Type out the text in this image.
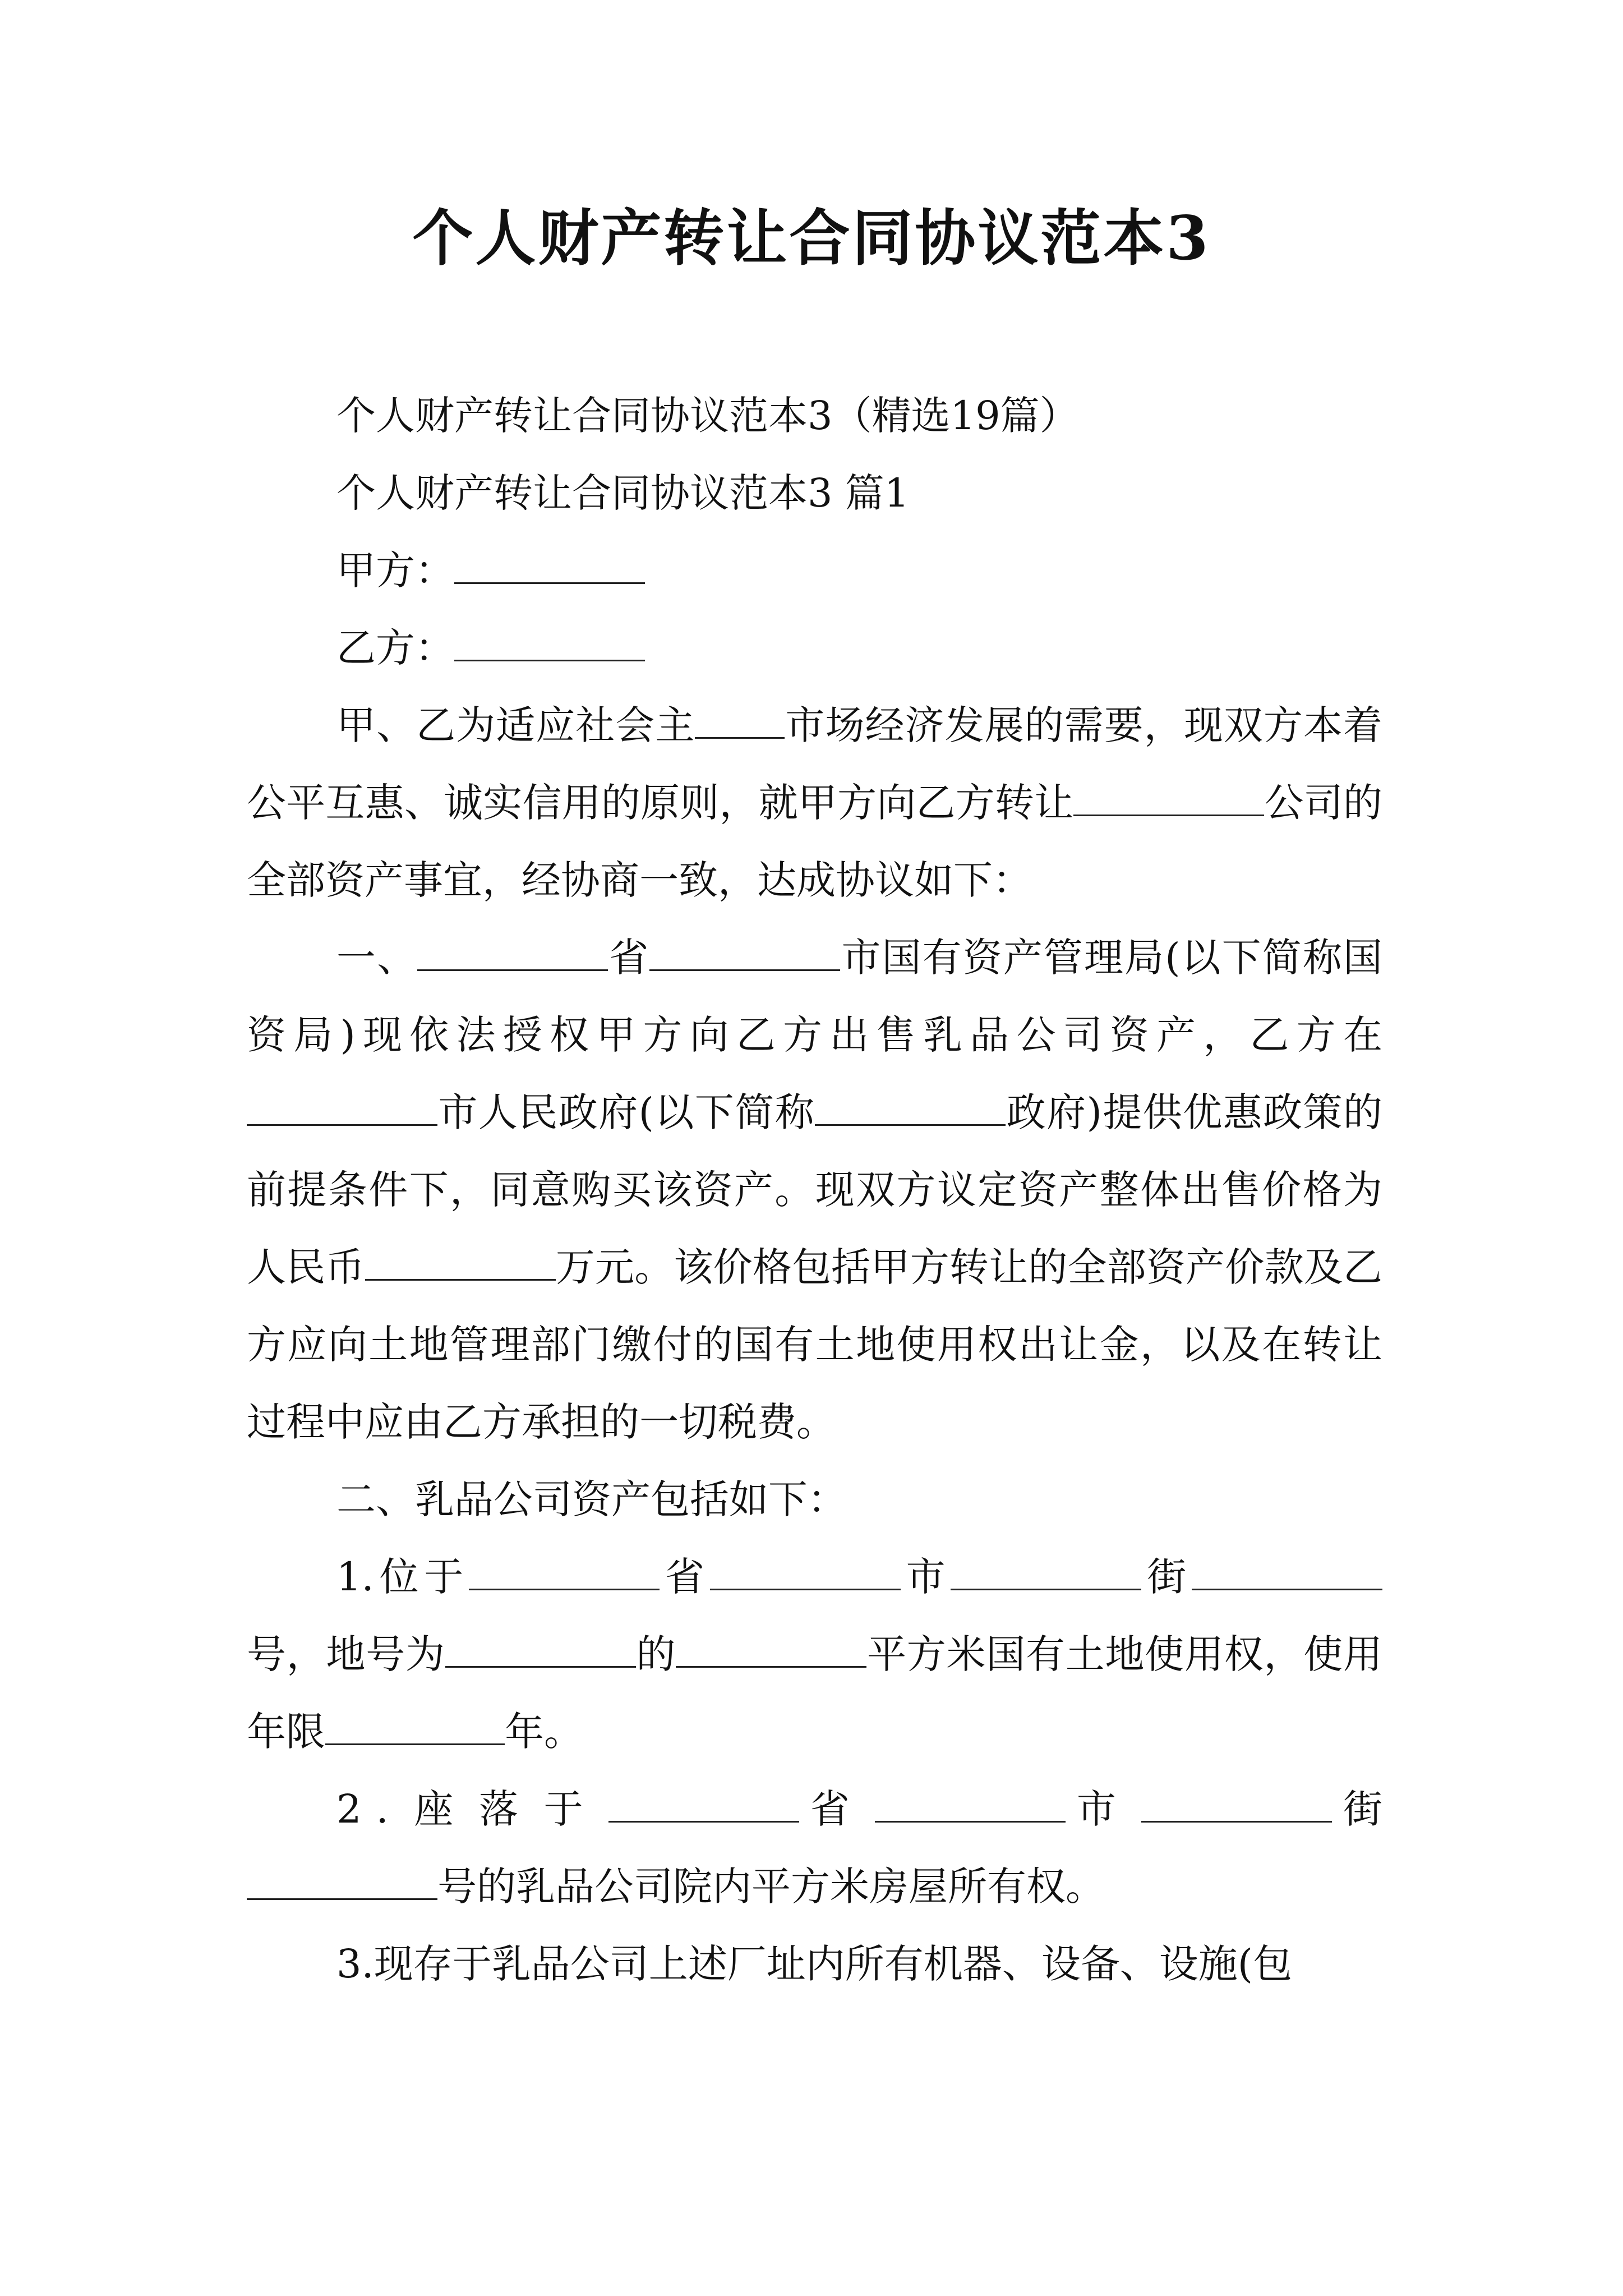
个人财产转让合同协议范本3

个人财产转让合同协议范本3（精选19篇）

个人财产转让合同协议范本3 篇1

甲方：

乙方：

甲、乙为适应社会主 市场经济发展的需要，现双方本着公平互惠、诚实信用的原则，就甲方向乙方转让	公司的全部资产事宜，经协商一致，达成协议如下：

一、	省	市国有资产管理局(以下简称国资局)现依法授权甲方向乙方出售乳品公司资产，乙方在市人民政府(以下简称	政府)提供优惠政策的前提条件下，同意购买该资产。现双方议定资产整体出售价格为人民币	万元。该价格包括甲方转让的全部资产价款及乙方应向土地管理部门缴付的国有土地使用权出让金，以及在转让过程中应由乙方承担的一切税费。

二、乳品公司资产包括如下：

1.位于	省	市	街号，地号为	的	平方米国有土地使用权，使用年限	年。

2.座落于	省	市	街号的乳品公司院内平方米房屋所有权。

3.现存于乳品公司上述厂址内所有机器、设备、设施(包
